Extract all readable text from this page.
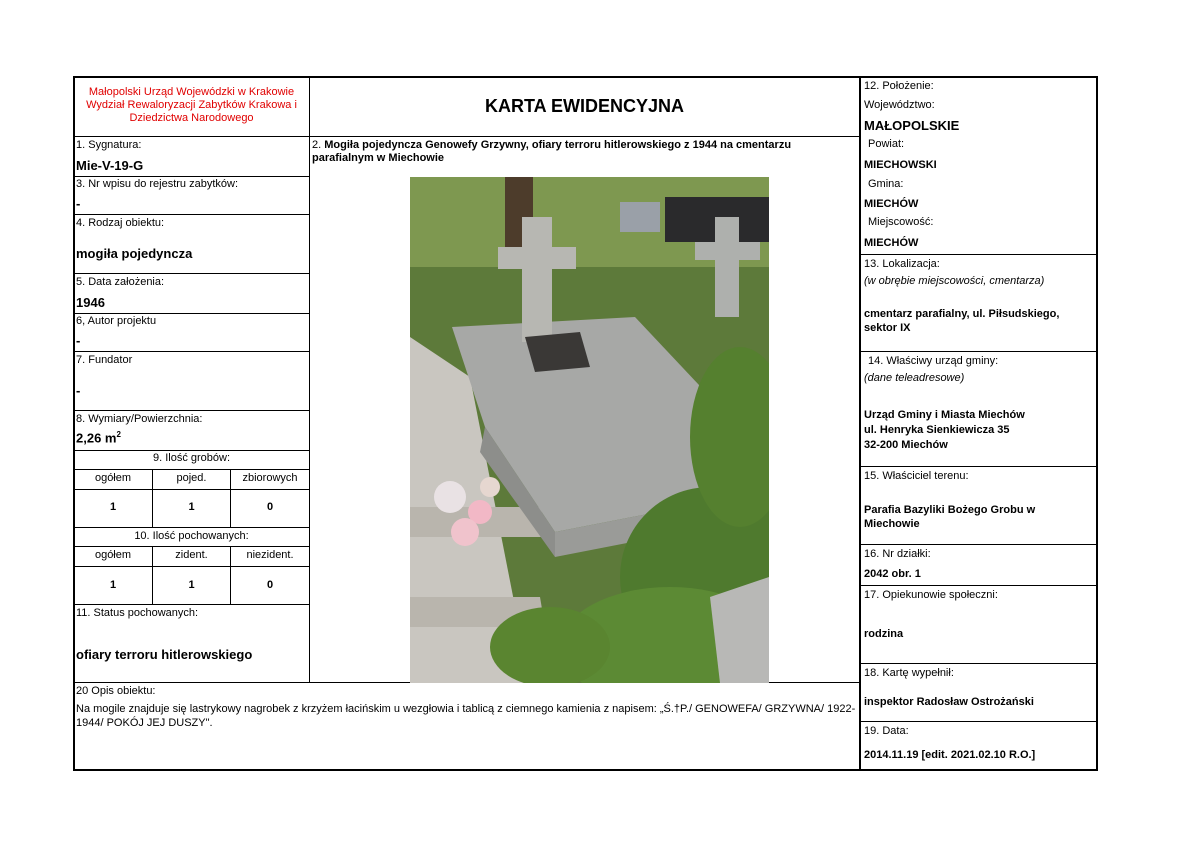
Małopolski Urząd Wojewódzki w Krakowie Wydział Rewaloryzacji Zabytków Krakowa i Dziedzictwa Narodowego
KARTA EWIDENCYJNA
1. Sygnatura:
Mie-V-19-G
3. Nr wpisu do rejestru zabytków:
-
4. Rodzaj obiektu:
mogiła pojedyncza
5. Data założenia:
1946
6, Autor projektu
-
7. Fundator
-
8. Wymiary/Powierzchnia:
2,26 $m^2$
9. Ilość grobów:
ogółem	pojed.	zbiorowych
1	1	0
10. Ilość pochowanych:
ogółem	zident.	niezident.
1	1	0
11. Status pochowanych:
ofiary terroru hitlerowskiego
2. Mogiła pojedyncza Genowefy Grzywny, ofiary terroru hitlerowskiego z 1944 na cmentarzu parafialnym w Miechowie
20 Opis obiektu:
Na mogile znajduje się lastrykowy nagrobek z krzyżem łacińskim u wezgłowia i tablicą z ciemnego kamienia z napisem: „Ś.†P./ GENOWEFA/ GRZYWNA/ 1922-1944/ POKÓJ JEJ DUSZY".
12. Położenie:
Województwo:
MAŁOPOLSKIE
Powiat:
MIECHOWSKI
Gmina:
MIECHÓW
Miejscowość:
MIECHÓW
13. Lokalizacja:
(w obrębie miejscowości, cmentarza)
cmentarz parafialny, ul. Piłsudskiego, sektor IX
14. Właściwy urząd gminy:
(dane teleadresowe)
Urząd Gminy i Miasta Miechów
ul. Henryka Sienkiewicza 35
32-200 Miechów
15. Właściciel terenu:
Parafia Bazyliki Bożego Grobu w Miechowie
16. Nr działki:
2042 obr. 1
17. Opiekunowie społeczni:
rodzina
18. Kartę wypełnił:
inspektor Radosław Ostrożański
19. Data:
2014.11.19 [edit. 2021.02.10 R.O.]
